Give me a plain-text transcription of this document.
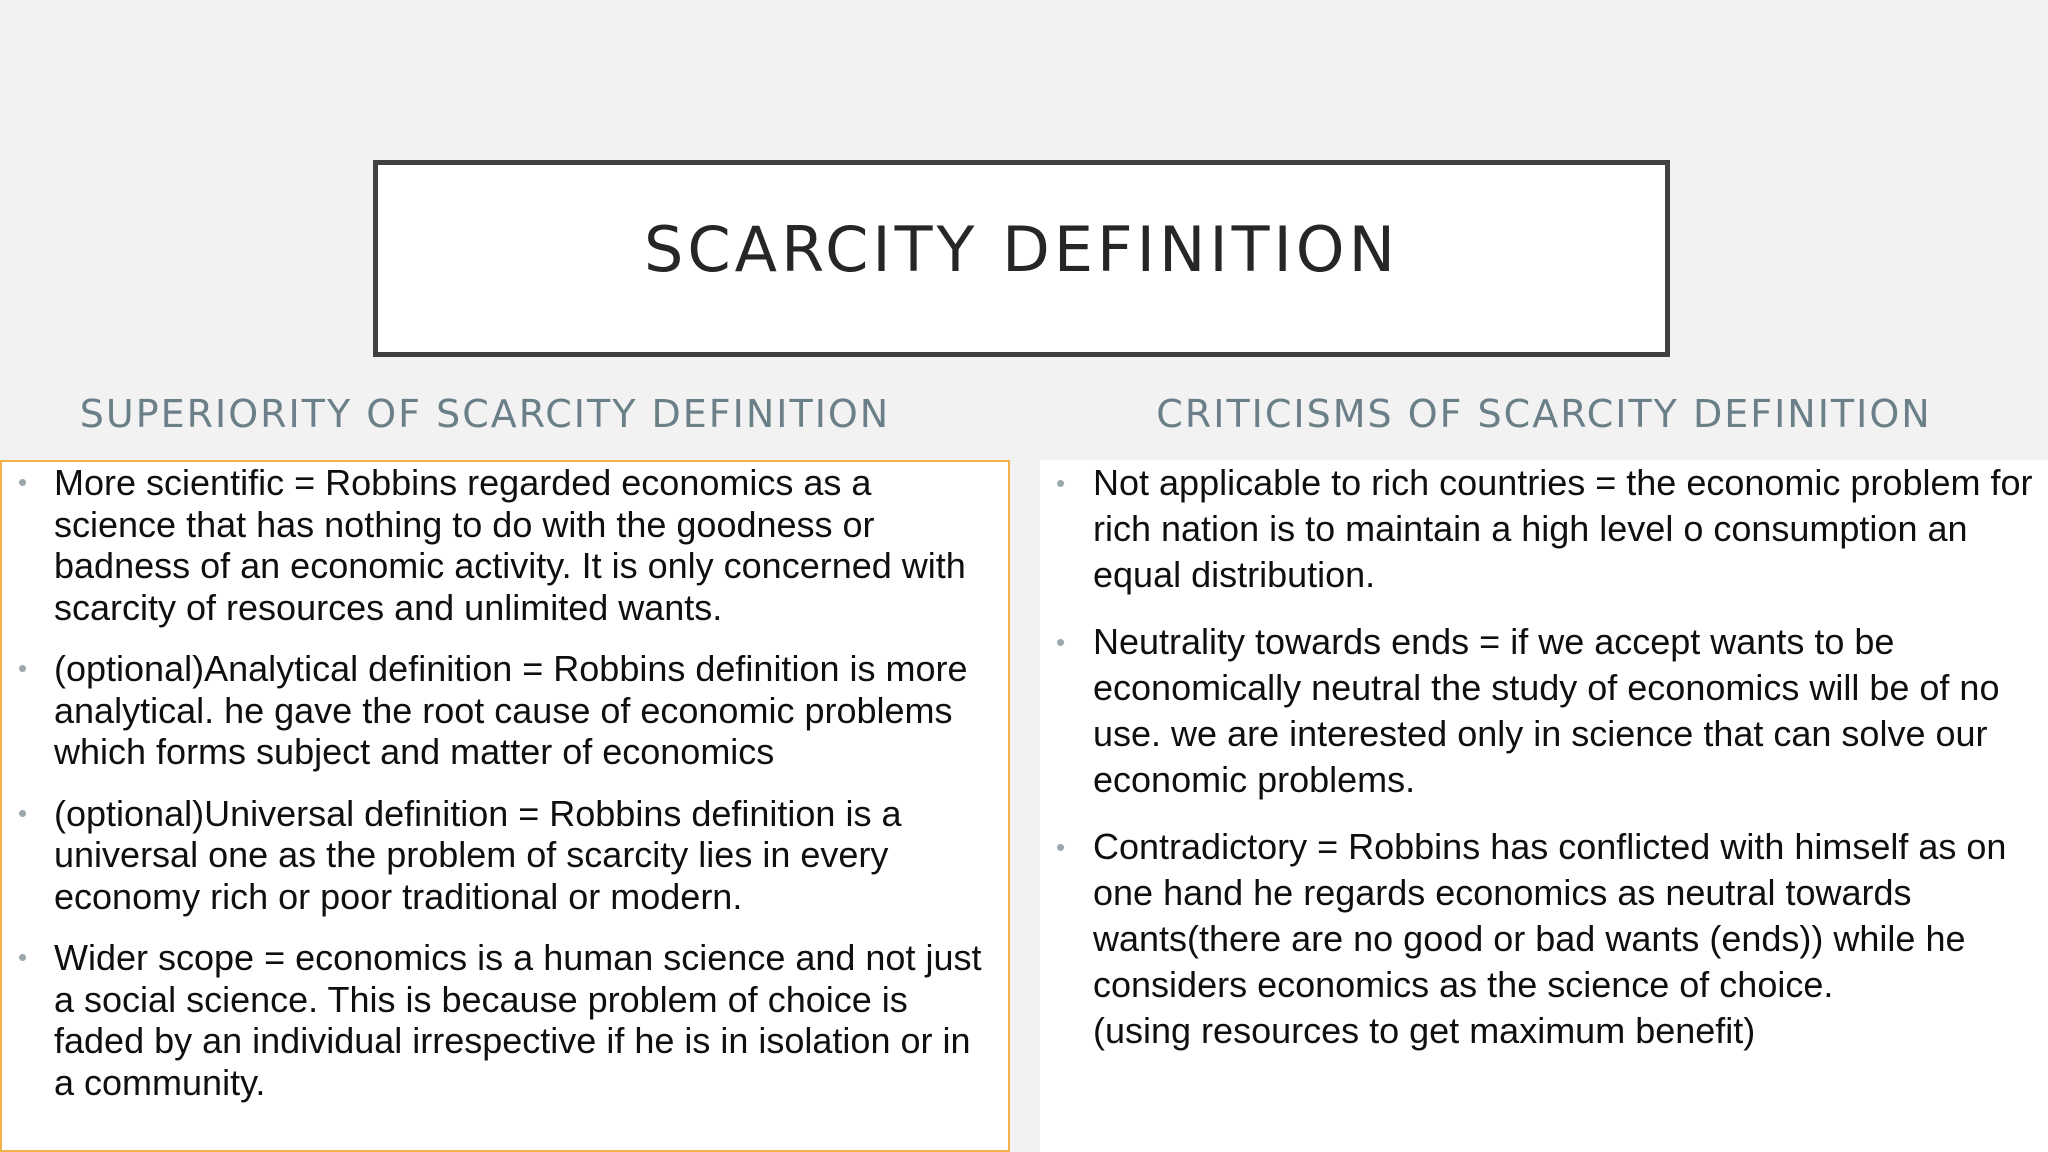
SCARCITY DEFINITION
SUPERIORITY OF SCARCITY DEFINITION	CRITICISMS OF SCARCITY DEFINITION
• More scientific = Robbins regarded economics as a science that has nothing to do with the goodness or badness of an economic activity. It is only concerned with scarcity of resources and unlimited wants.
• (optional)Analytical definition = Robbins definition is more analytical. he gave the root cause of economic problems which forms subject and matter of economics
• (optional)Universal definition = Robbins definition is a universal one as the problem of scarcity lies in every economy rich or poor traditional or modern.
• Wider scope = economics is a human science and not just a social science. This is because problem of choice is faded by an individual irrespective if he is in isolation or in a community.
• Not applicable to rich countries = the economic problem for rich nation is to maintain a high level o consumption an equal distribution.
• Neutrality towards ends = if we accept wants to be economically neutral the study of economics will be of no use. we are interested only in science that can solve our economic problems.
• Contradictory = Robbins has conflicted with himself as on one hand he regards economics as neutral towards wants(there are no good or bad wants (ends)) while he considers economics as the science of choice.
(using resources to get maximum benefit)
